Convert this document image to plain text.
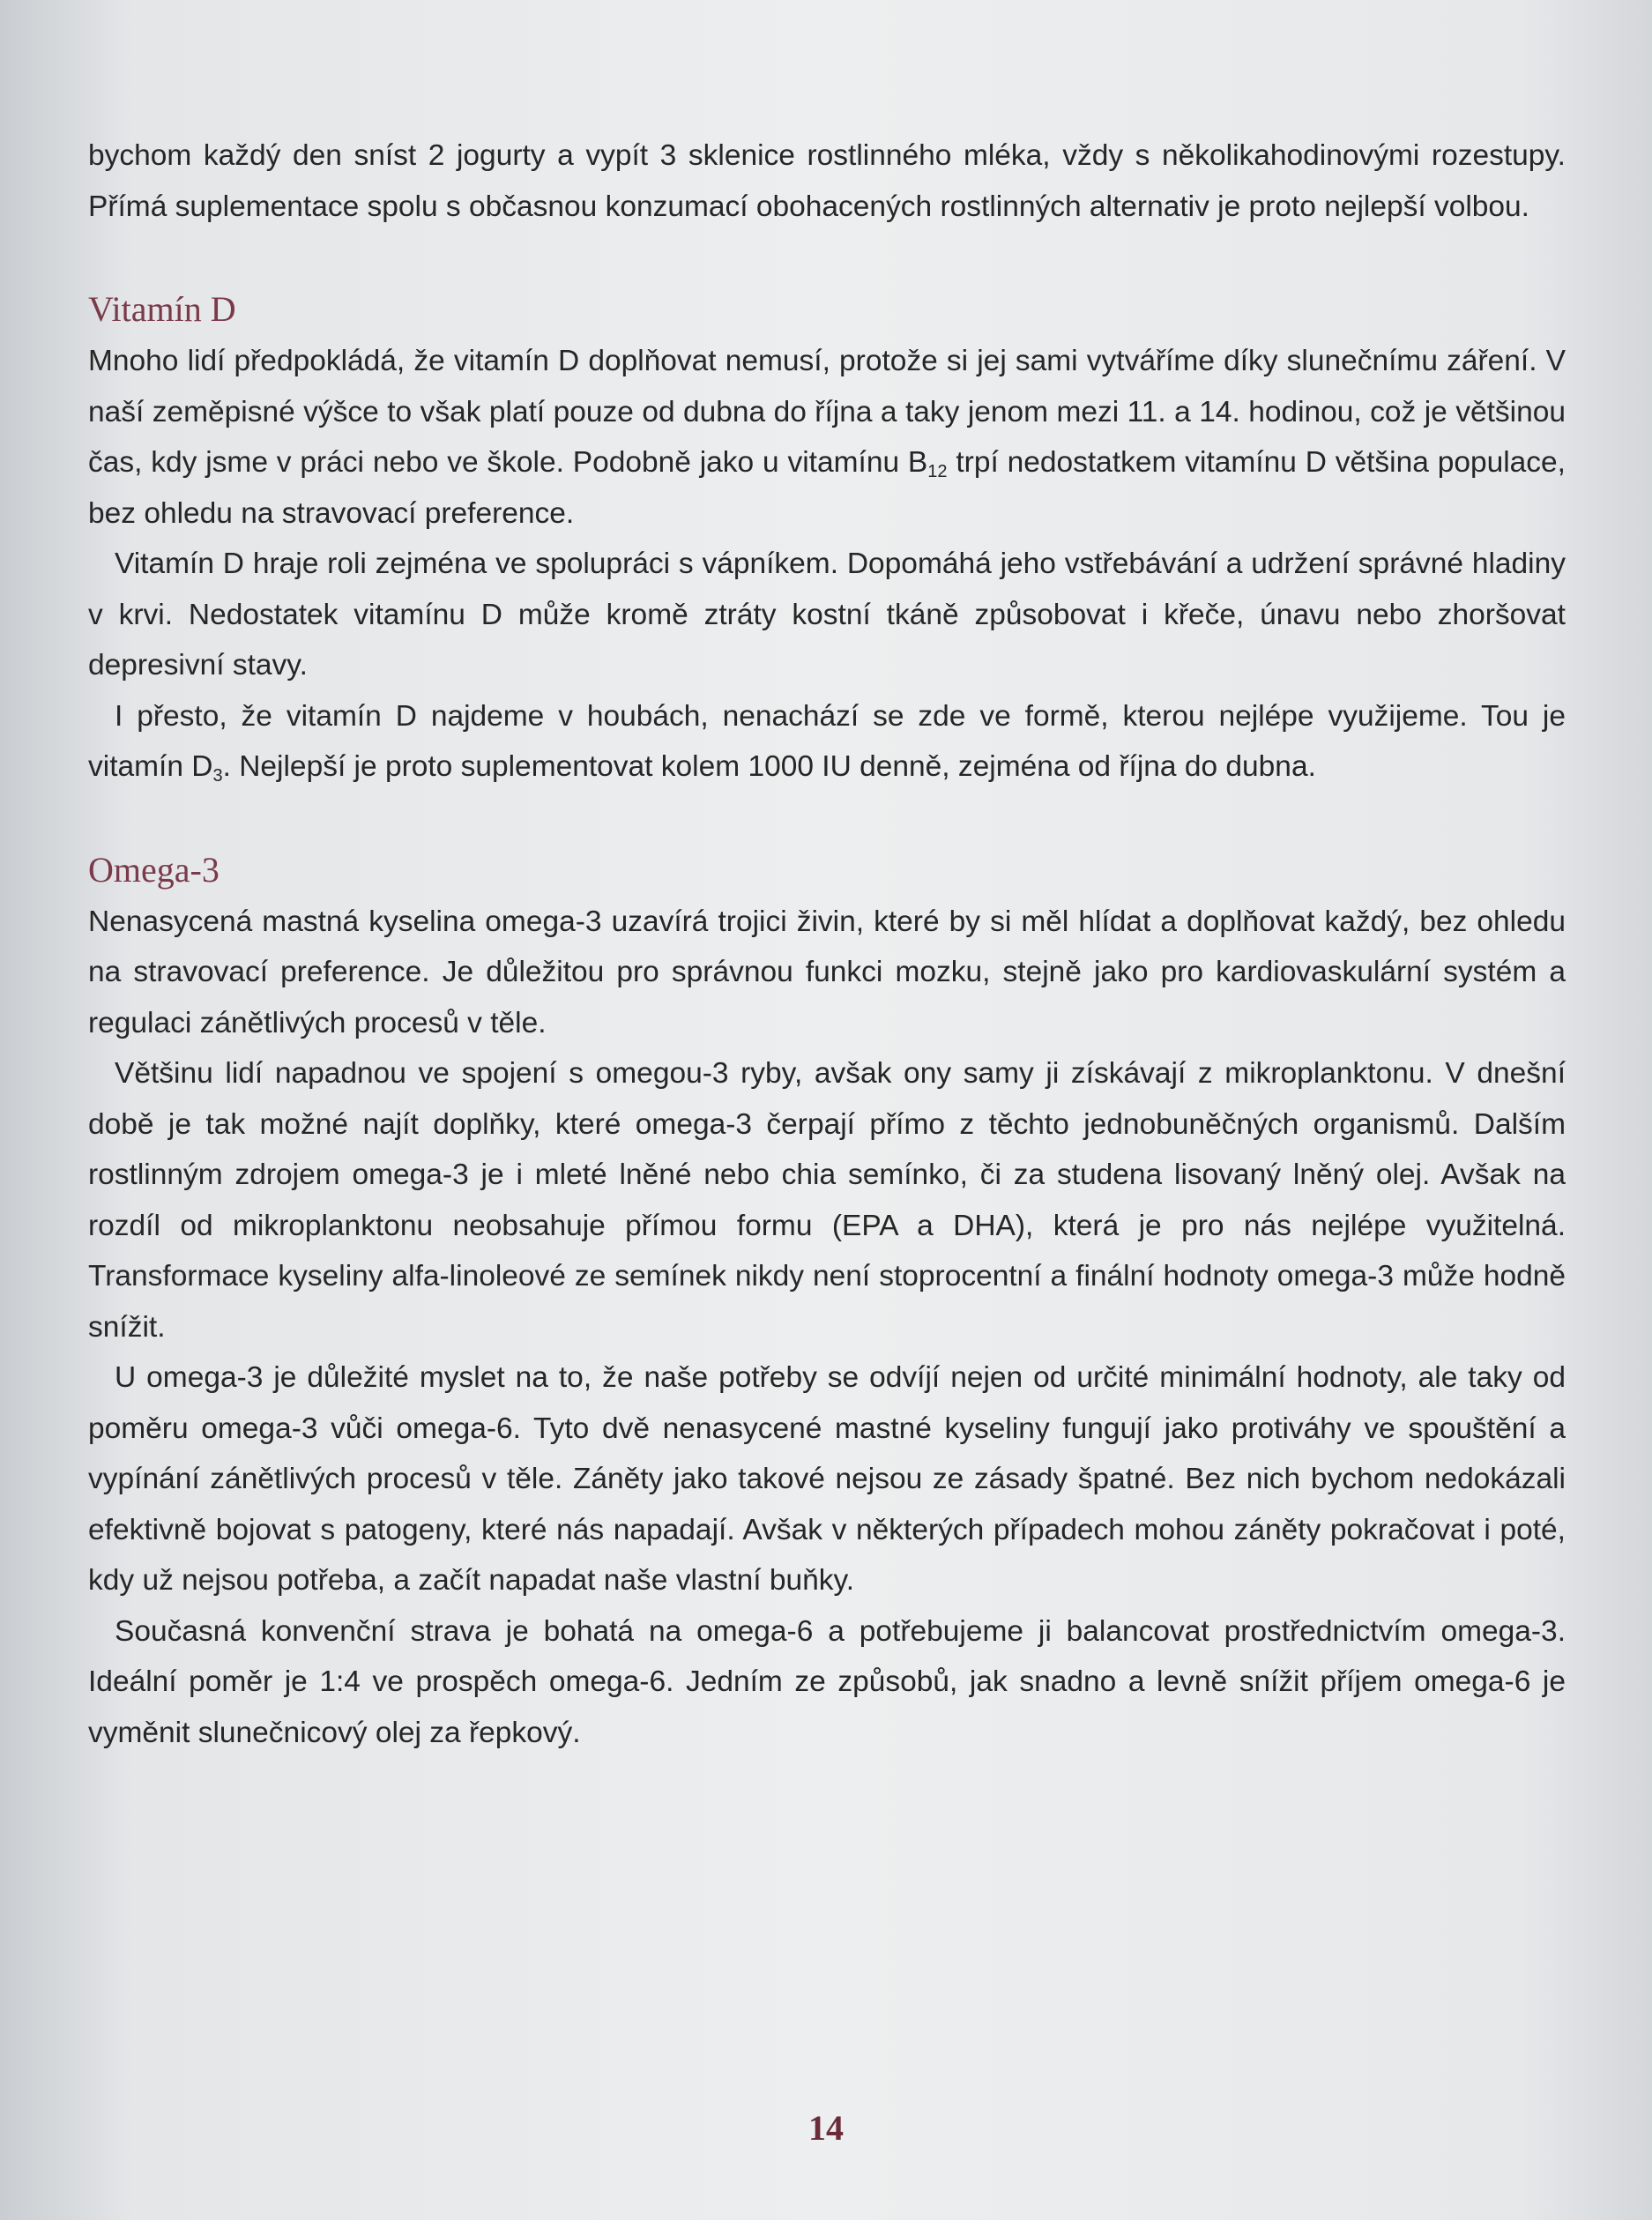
bychom každý den sníst 2 jogurty a vypít 3 sklenice rostlinného mléka, vždy s několikahodinovými rozestupy. Přímá suplementace spolu s občasnou konzumací obohacených rostlinných alternativ je proto nejlepší volbou.

Vitamín D

Mnoho lidí předpokládá, že vitamín D doplňovat nemusí, protože si jej sami vytváříme díky slunečnímu záření. V naší zeměpisné výšce to však platí pouze od dubna do října a taky jenom mezi 11. a 14. hodinou, což je většinou čas, kdy jsme v práci nebo ve škole. Podobně jako u vitamínu $B_{12}$ trpí nedostatkem vitamínu D většina populace, bez ohledu na stravovací preference.

Vitamín D hraje roli zejména ve spolupráci s vápníkem. Dopomáhá jeho vstřebávání a udržení správné hladiny v krvi. Nedostatek vitamínu D může kromě ztráty kostní tkáně způsobovat i křeče, únavu nebo zhoršovat depresivní stavy.

I přesto, že vitamín D najdeme v houbách, nenachází se zde ve formě, kterou nejlépe využijeme. Tou je vitamín $D_3$. Nejlepší je proto suplementovat kolem 1000 IU denně, zejména od října do dubna.

Omega-3

Nenasycená mastná kyselina omega-3 uzavírá trojici živin, které by si měl hlídat a doplňovat každý, bez ohledu na stravovací preference. Je důležitou pro správnou funkci mozku, stejně jako pro kardiovaskulární systém a regulaci zánětlivých procesů v těle.

Většinu lidí napadnou ve spojení s omegou-3 ryby, avšak ony samy ji získávají z mikroplanktonu. V dnešní době je tak možné najít doplňky, které omega-3 čerpají přímo z těchto jednobuněčných organismů. Dalším rostlinným zdrojem omega-3 je i mleté lněné nebo chia semínko, či za studena lisovaný lněný olej. Avšak na rozdíl od mikroplanktonu neobsahuje přímou formu (EPA a DHA), která je pro nás nejlépe využitelná. Transformace kyseliny alfa-linoleové ze semínek nikdy není stoprocentní a finální hodnoty omega-3 může hodně snížit.

U omega-3 je důležité myslet na to, že naše potřeby se odvíjí nejen od určité minimální hodnoty, ale taky od poměru omega-3 vůči omega-6. Tyto dvě nenasycené mastné kyseliny fungují jako protiváhy ve spouštění a vypínání zánětlivých procesů v těle. Záněty jako takové nejsou ze zásady špatné. Bez nich bychom nedokázali efektivně bojovat s patogeny, které nás napadají. Avšak v některých případech mohou záněty pokračovat i poté, kdy už nejsou potřeba, a začít napadat naše vlastní buňky.

Současná konvenční strava je bohatá na omega-6 a potřebujeme ji balancovat prostřednictvím omega-3. Ideální poměr je 1:4 ve prospěch omega-6. Jedním ze způsobů, jak snadno a levně snížit příjem omega-6 je vyměnit slunečnicový olej za řepkový.

14
